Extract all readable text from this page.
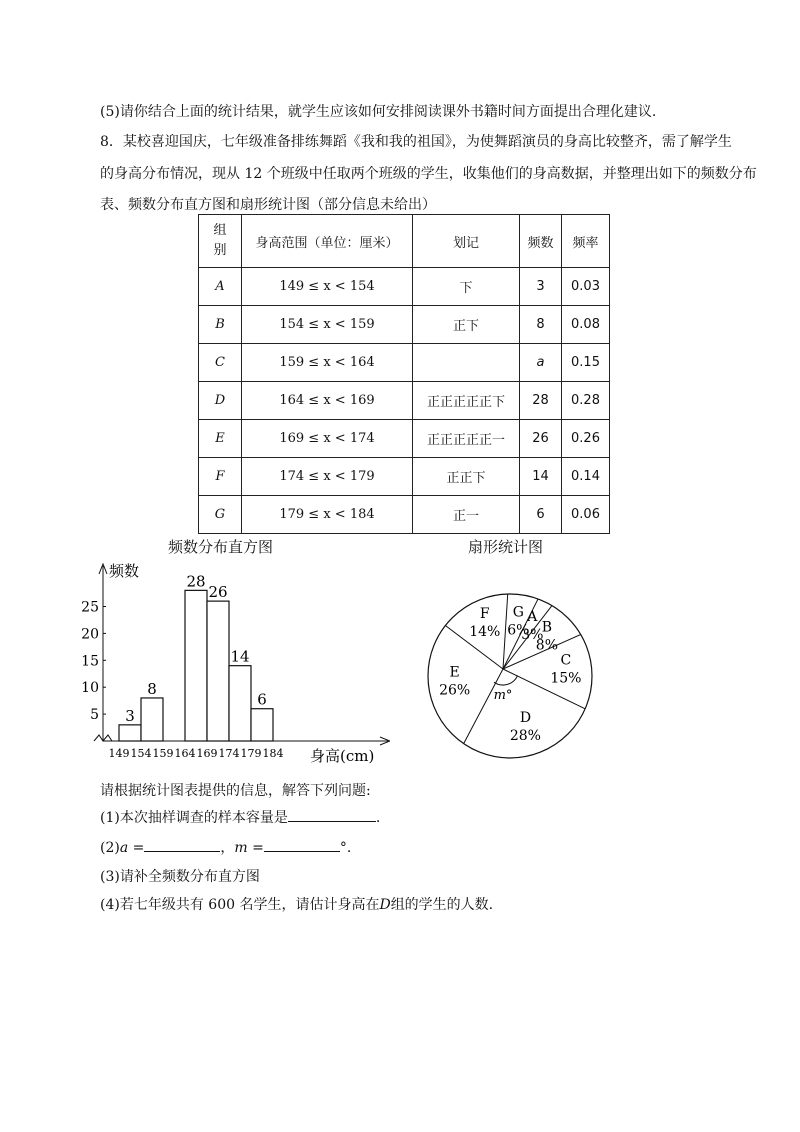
(5)请你结合上面的统计结果，就学生应该如何安排阅读课外书籍时间方面提出合理化建议.
8．某校喜迎国庆，七年级准备排练舞蹈《我和我的祖国》，为使舞蹈演员的身高比较整齐，需了解学生
的身高分布情况，现从 12 个班级中任取两个班级的学生，收集他们的身高数据，并整理出如下的频数分布
表、频数分布直方图和扇形统计图（部分信息未给出）
组别	身高范围（单位：厘米）	划记	频数	频率
A	149 ≤ x < 154	下	3	0.03
B	154 ≤ x < 159	正下	8	0.08
C	159 ≤ x < 164		a	0.15
D	164 ≤ x < 169	正正正正正下	28	0.28
E	169 ≤ x < 174	正正正正正一	26	0.26
F	174 ≤ x < 179	正正下	14	0.14
G	179 ≤ x < 184	正一	6	0.06
频数分布直方图	扇形统计图
频数
身高(cm)
5
10
15
20
25
149 154 159 164 169 174 179 184
3
8
28
26
14
6
A
3%
B
8%
C
15%
D
28%
E
26%
F
14%
G
6%
m°
请根据统计图表提供的信息，解答下列问题:
(1)本次抽样调查的样本容量是	.
(2)a =	，m =	°.
(3)请补全频数分布直方图
(4)若七年级共有 600 名学生，请估计身高在D组的学生的人数.
